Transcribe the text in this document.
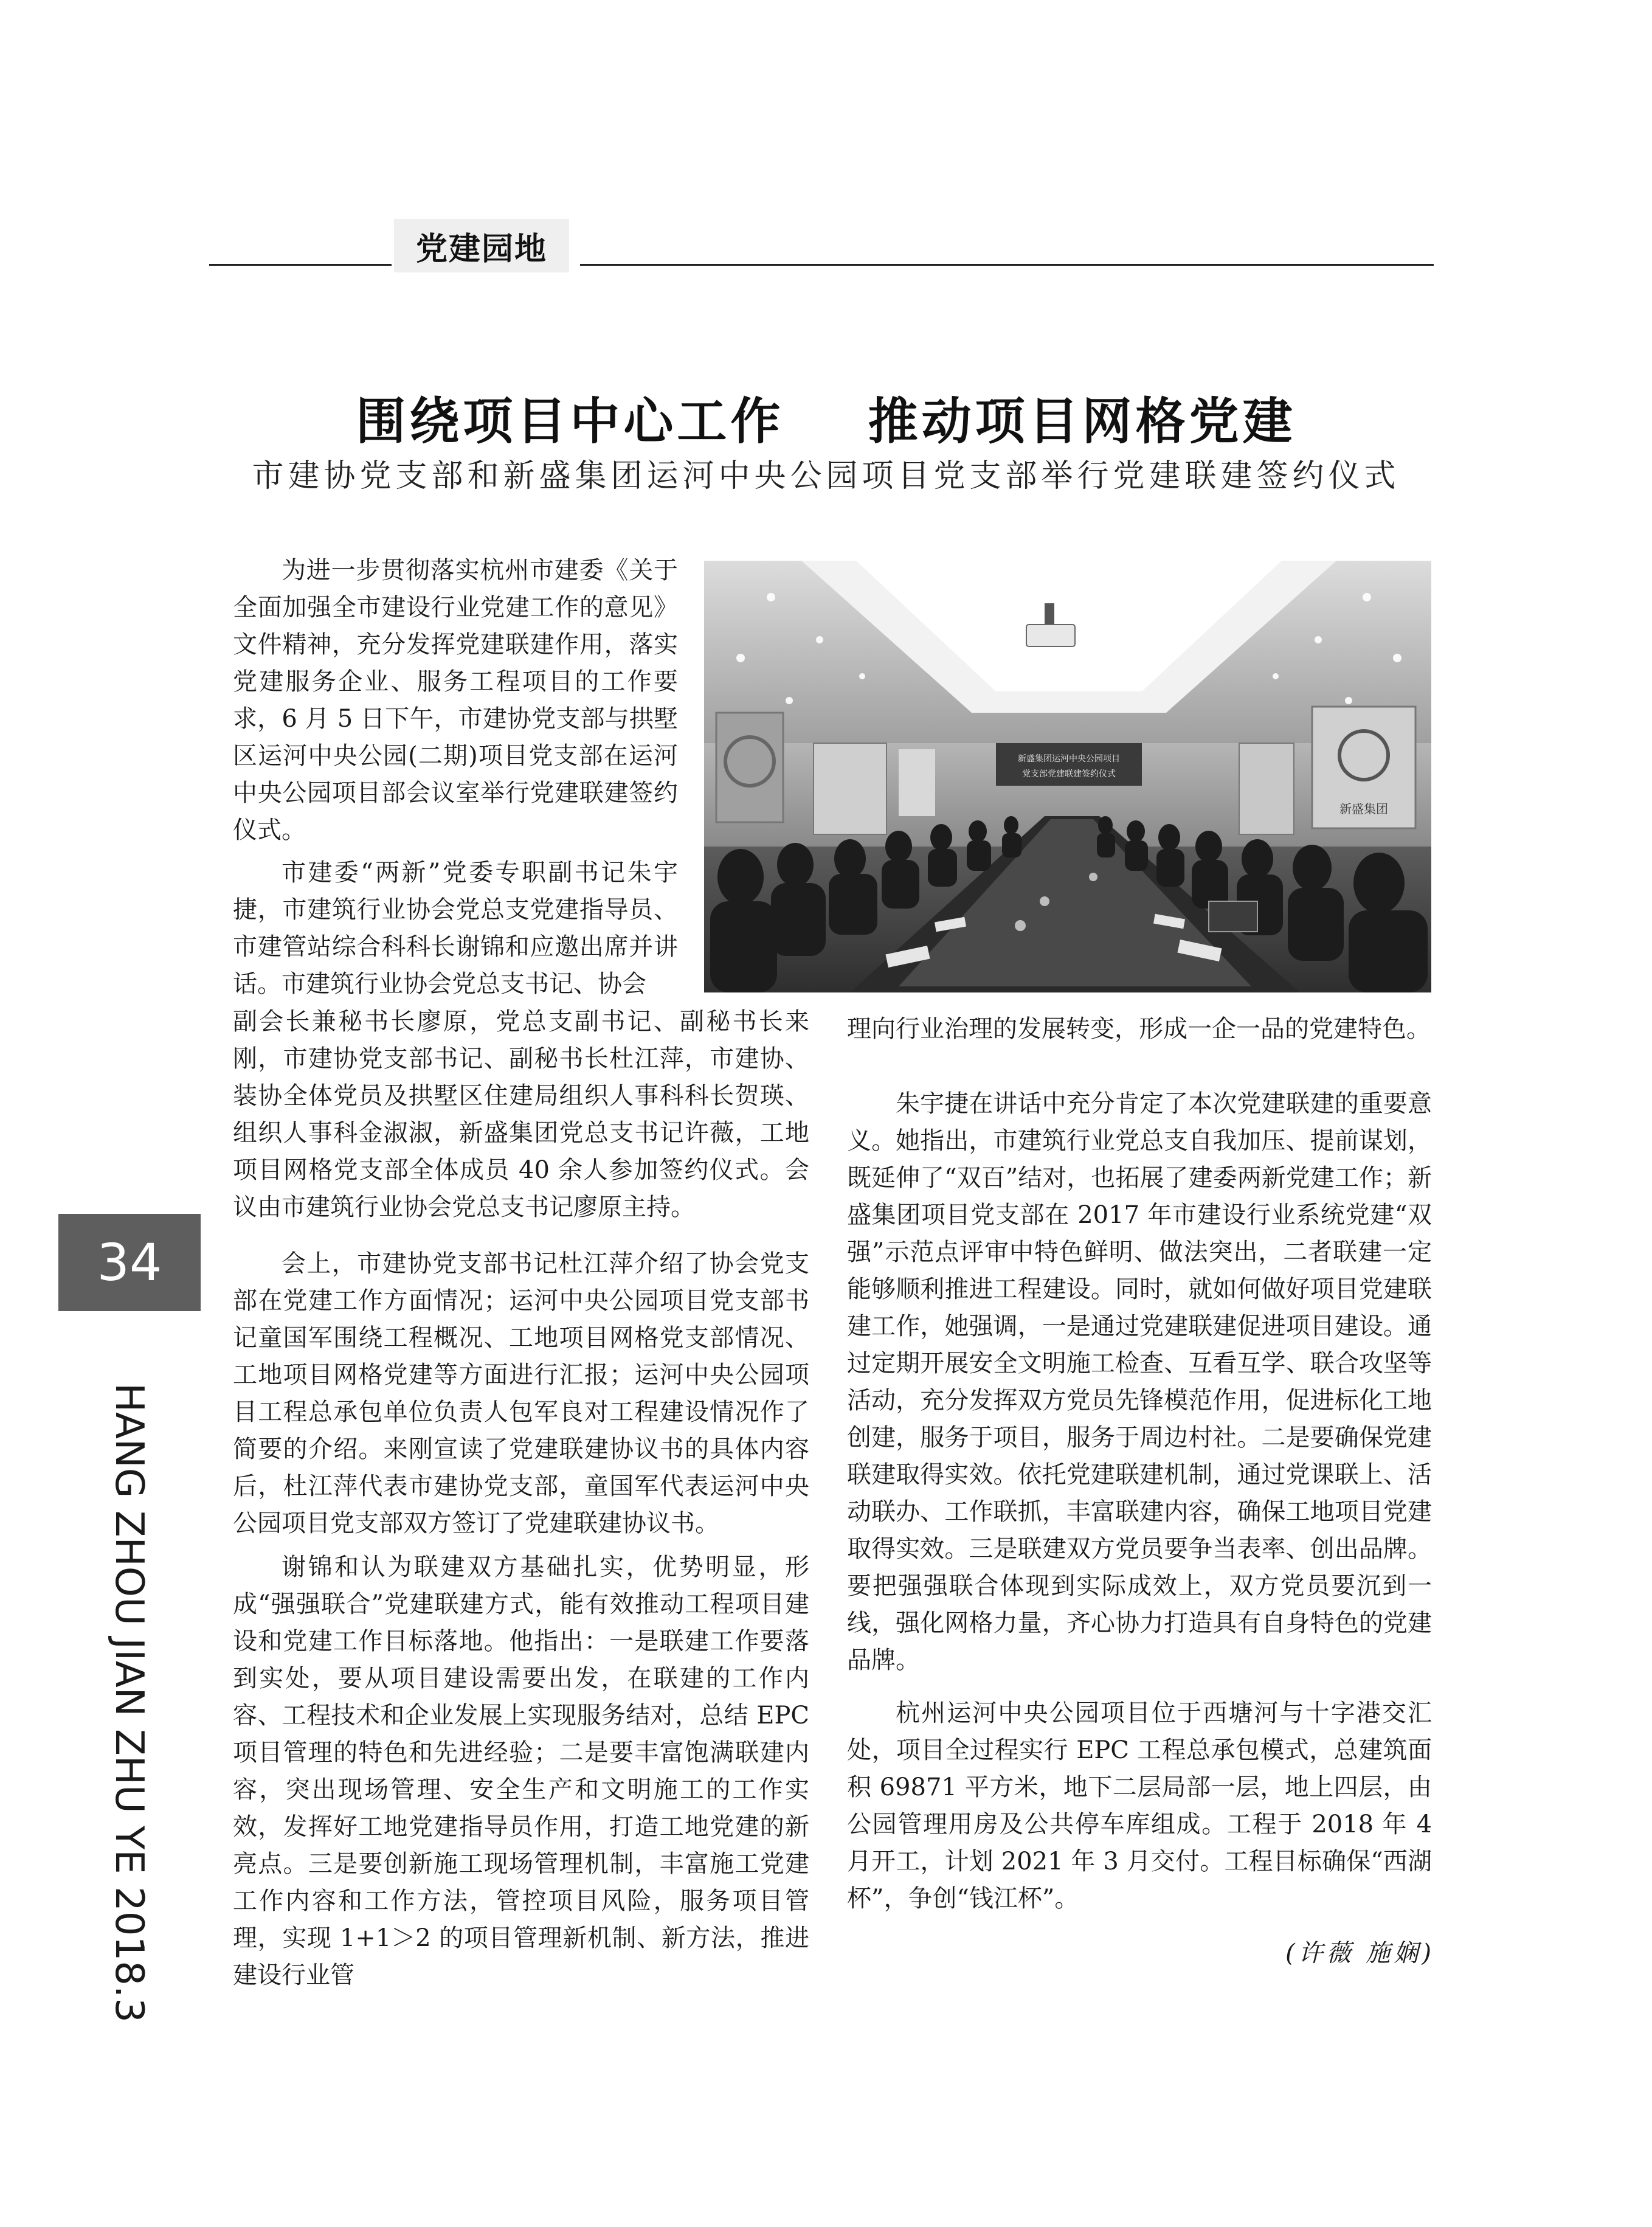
党建园地
围绕项目中心工作    推动项目网格党建
市建协党支部和新盛集团运河中央公园项目党支部举行党建联建签约仪式
新盛集团运河中央公园项目
党支部党建联建签约仪式
新盛集团

为进一步贯彻落实杭州市建委《关于全面加强全市建设行业党建工作的意见》文件精神，充分发挥党建联建作用，落实党建服务企业、服务工程项目的工作要求，6 月 5 日下午，市建协党支部与拱墅区运河中央公园(二期)项目党支部在运河中央公园项目部会议室举行党建联建签约仪式。

市建委“两新”党委专职副书记朱宇捷，市建筑行业协会党总支党建指导员、市建管站综合科科长谢锦和应邀出席并讲话。市建筑行业协会党总支书记、协会

副会长兼秘书长廖原，党总支副书记、副秘书长来刚，市建协党支部书记、副秘书长杜江萍，市建协、装协全体党员及拱墅区住建局组织人事科科长贺瑛、组织人事科金淑淑，新盛集团党总支书记许薇，工地项目网格党支部全体成员 40 余人参加签约仪式。会议由市建筑行业协会党总支书记廖原主持。

会上，市建协党支部书记杜江萍介绍了协会党支部在党建工作方面情况；运河中央公园项目党支部书记童国军围绕工程概况、工地项目网格党支部情况、工地项目网格党建等方面进行汇报；运河中央公园项目工程总承包单位负责人包军良对工程建设情况作了简要的介绍。来刚宣读了党建联建协议书的具体内容后，杜江萍代表市建协党支部，童国军代表运河中央公园项目党支部双方签订了党建联建协议书。

谢锦和认为联建双方基础扎实，优势明显，形成“强强联合”党建联建方式，能有效推动工程项目建设和党建工作目标落地。他指出：一是联建工作要落到实处，要从项目建设需要出发，在联建的工作内容、工程技术和企业发展上实现服务结对，总结 EPC 项目管理的特色和先进经验；二是要丰富饱满联建内容，突出现场管理、安全生产和文明施工的工作实效，发挥好工地党建指导员作用，打造工地党建的新亮点。三是要创新施工现场管理机制，丰富施工党建工作内容和工作方法，管控项目风险，服务项目管理，实现 1+1＞2 的项目管理新机制、新方法，推进建设行业管

理向行业治理的发展转变，形成一企一品的党建特色。

朱宇捷在讲话中充分肯定了本次党建联建的重要意义。她指出，市建筑行业党总支自我加压、提前谋划，既延伸了“双百”结对，也拓展了建委两新党建工作；新盛集团项目党支部在 2017 年市建设行业系统党建“双强”示范点评审中特色鲜明、做法突出，二者联建一定能够顺利推进工程建设。同时，就如何做好项目党建联建工作，她强调，一是通过党建联建促进项目建设。通过定期开展安全文明施工检查、互看互学、联合攻坚等活动，充分发挥双方党员先锋模范作用，促进标化工地创建，服务于项目，服务于周边村社。二是要确保党建联建取得实效。依托党建联建机制，通过党课联上、活动联办、工作联抓，丰富联建内容，确保工地项目党建取得实效。三是联建双方党员要争当表率、创出品牌。要把强强联合体现到实际成效上，双方党员要沉到一线，强化网格力量，齐心协力打造具有自身特色的党建品牌。

杭州运河中央公园项目位于西塘河与十字港交汇处，项目全过程实行 EPC 工程总承包模式，总建筑面积 69871 平方米，地下二层局部一层，地上四层，由公园管理用房及公共停车库组成。工程于 2018 年 4 月开工，计划 2021 年 3 月交付。工程目标确保“西湖杯”，争创“钱江杯”。

(许薇 施娴)
34
HANG ZHOU JIAN ZHU YE 2018.3
